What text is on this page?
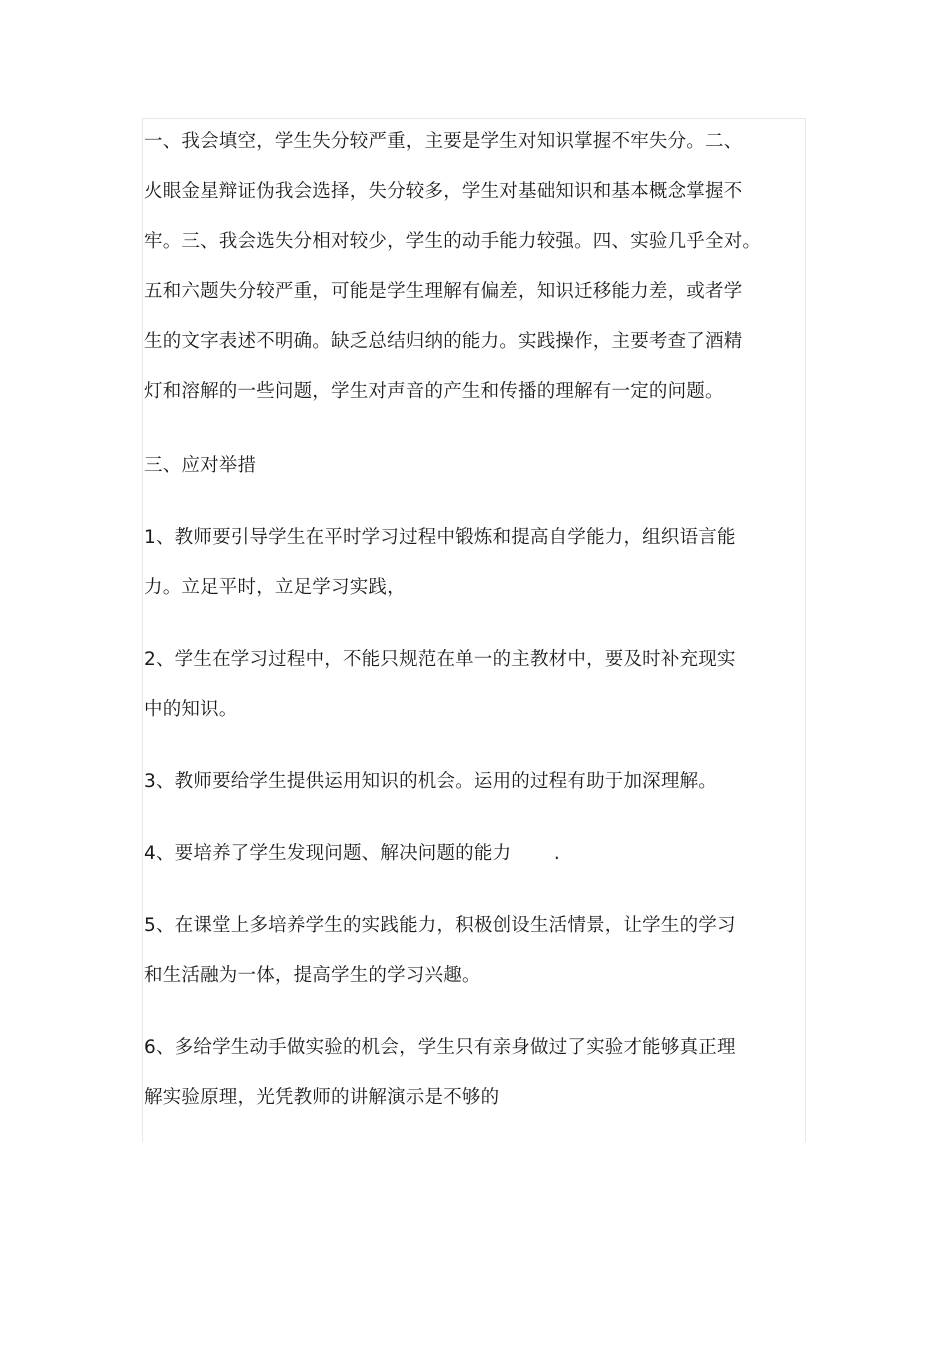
一、我会填空，学生失分较严重，主要是学生对知识掌握不牢失分。二、
火眼金星辩证伪我会选择，失分较多，学生对基础知识和基本概念掌握不
牢。三、我会选失分相对较少，学生的动手能力较强。四、实验几乎全对。
五和六题失分较严重，可能是学生理解有偏差，知识迁移能力差，或者学
生的文字表述不明确。缺乏总结归纳的能力。实践操作，主要考查了酒精
灯和溶解的一些问题，学生对声音的产生和传播的理解有一定的问题。
三、应对举措
1、教师要引导学生在平时学习过程中锻炼和提高自学能力，组织语言能
力。立足平时，立足学习实践，
2、学生在学习过程中，不能只规范在单一的主教材中，要及时补充现实
中的知识。
3、教师要给学生提供运用知识的机会。运用的过程有助于加深理解。
4、要培养了学生发现问题、解决问题的能力       .
5、在课堂上多培养学生的实践能力，积极创设生活情景，让学生的学习
和生活融为一体，提高学生的学习兴趣。
6、多给学生动手做实验的机会，学生只有亲身做过了实验才能够真正理
解实验原理，光凭教师的讲解演示是不够的
